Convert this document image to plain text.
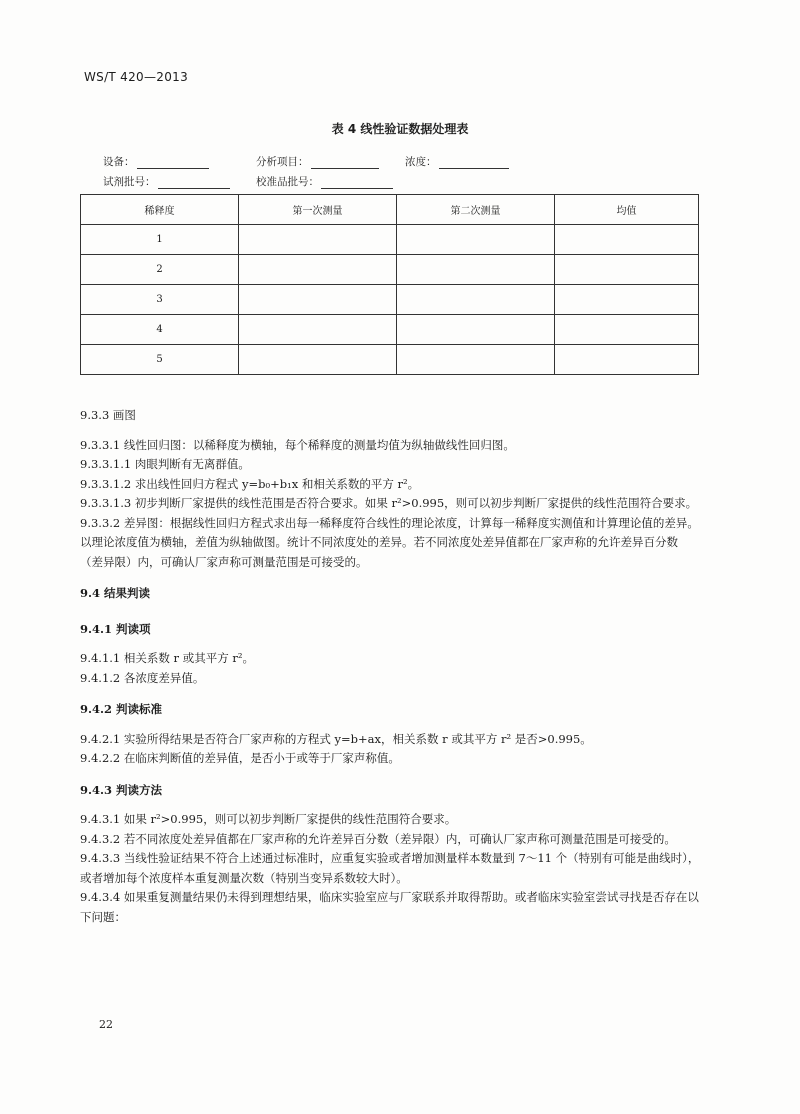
WS/T 420—2013
表 4 线性验证数据处理表
设备：	分析项目：	浓度：
试剂批号：	校准品批号：
稀释度	第一次测量	第二次测量	均值
1			
2			
3			
4			
5			

9.3.3 画图

9.3.3.1 线性回归图：以稀释度为横轴，每个稀释度的测量均值为纵轴做线性回归图。

9.3.3.1.1 肉眼判断有无离群值。

9.3.3.1.2 求出线性回归方程式 y=b₀+b₁x 和相关系数的平方 r²。

9.3.3.1.3 初步判断厂家提供的线性范围是否符合要求。如果 r²>0.995，则可以初步判断厂家提供的线性范围符合要求。

9.3.3.2 差异图：根据线性回归方程式求出每一稀释度符合线性的理论浓度，计算每一稀释度实测值和计算理论值的差异。以理论浓度值为横轴，差值为纵轴做图。统计不同浓度处的差异。若不同浓度处差异值都在厂家声称的允许差异百分数（差异限）内，可确认厂家声称可测量范围是可接受的。

9.4 结果判读

9.4.1 判读项

9.4.1.1 相关系数 r 或其平方 r²。

9.4.1.2 各浓度差异值。

9.4.2 判读标准

9.4.2.1 实验所得结果是否符合厂家声称的方程式 y=b+ax，相关系数 r 或其平方 r² 是否>0.995。

9.4.2.2 在临床判断值的差异值，是否小于或等于厂家声称值。

9.4.3 判读方法

9.4.3.1 如果 r²>0.995，则可以初步判断厂家提供的线性范围符合要求。

9.4.3.2 若不同浓度处差异值都在厂家声称的允许差异百分数（差异限）内，可确认厂家声称可测量范围是可接受的。

9.4.3.3 当线性验证结果不符合上述通过标准时，应重复实验或者增加测量样本数量到 7～11 个（特别有可能是曲线时），或者增加每个浓度样本重复测量次数（特别当变异系数较大时）。

9.4.3.4 如果重复测量结果仍未得到理想结果，临床实验室应与厂家联系并取得帮助。或者临床实验室尝试寻找是否存在以下问题：

22
